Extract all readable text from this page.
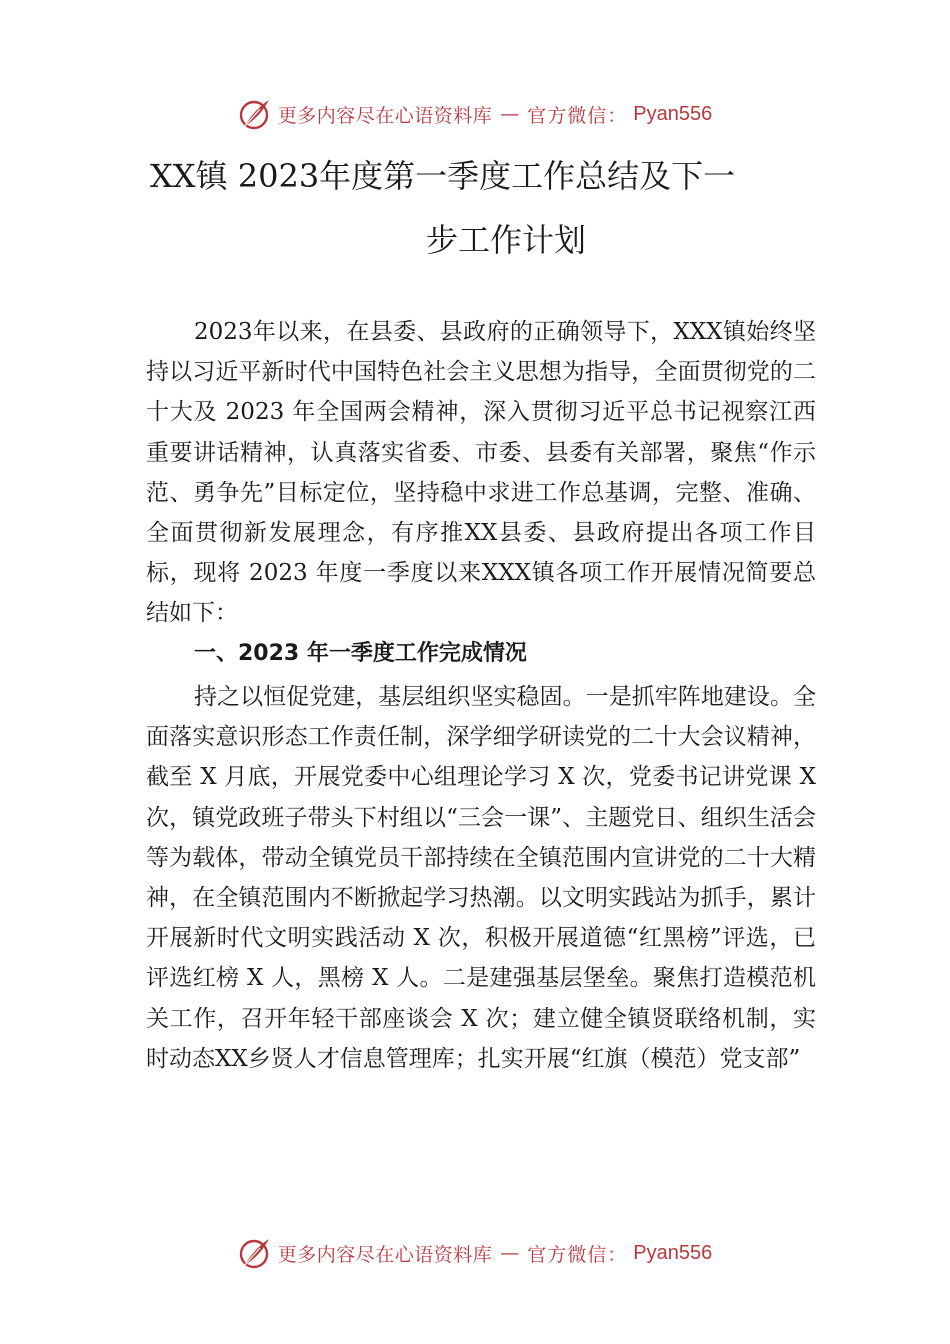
更多内容尽在心语资料库 — 官方微信： Pyan556
XX镇 2023年度第一季度工作总结及下一
步工作计划

2023年以来，在县委、县政府的正确领导下，XXX镇始终坚持以习近平新时代中国特色社会主义思想为指导，全面贯彻党的二十大及 2023 年全国两会精神，深入贯彻习近平总书记视察江西重要讲话精神，认真落实省委、市委、县委有关部署，聚焦“作示范、勇争先”目标定位，坚持稳中求进工作总基调，完整、准确、全面贯彻新发展理念，有序推XX县委、县政府提出各项工作目标，现将 2023 年度一季度以来XXX镇各项工作开展情况简要总结如下：

一、2023 年一季度工作完成情况

持之以恒促党建，基层组织坚实稳固。一是抓牢阵地建设。全面落实意识形态工作责任制，深学细学研读党的二十大会议精神，截至 X 月底，开展党委中心组理论学习 X 次，党委书记讲党课 X 次，镇党政班子带头下村组以“三会一课”、主题党日、组织生活会等为载体，带动全镇党员干部持续在全镇范围内宣讲党的二十大精神，在全镇范围内不断掀起学习热潮。以文明实践站为抓手，累计开展新时代文明实践活动 X 次，积极开展道德“红黑榜”评选，已评选红榜 X 人，黑榜 X 人。二是建强基层堡垒。聚焦打造模范机关工作，召开年轻干部座谈会 X 次；建立健全镇贤联络机制，实时动态XX乡贤人才信息管理库；扎实开展“红旗（模范）党支部”

更多内容尽在心语资料库 — 官方微信： Pyan556
